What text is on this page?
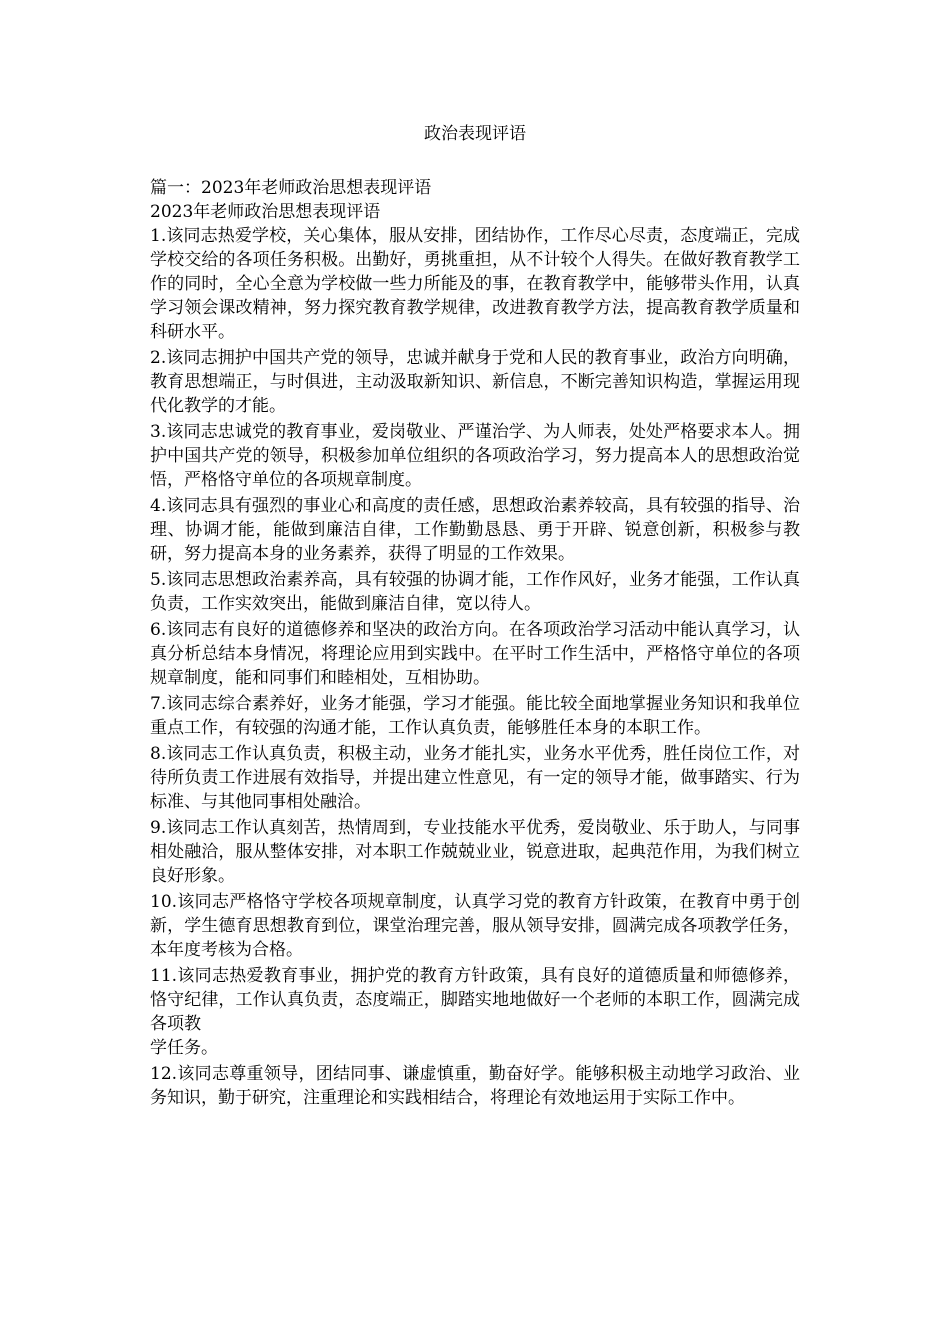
政治表现评语

篇一：2023年老师政治思想表现评语

2023年老师政治思想表现评语

1.该同志热爱学校，关心集体，服从安排，团结协作，工作尽心尽责，态度端正，完成学校交给的各项任务积极。出勤好，勇挑重担，从不计较个人得失。在做好教育教学工作的同时，全心全意为学校做一些力所能及的事，在教育教学中，能够带头作用，认真学习领会课改精神，努力探究教育教学规律，改进教育教学方法，提高教育教学质量和科研水平。

2.该同志拥护中国共产党的领导，忠诚并献身于党和人民的教育事业，政治方向明确，教育思想端正，与时俱进，主动汲取新知识、新信息，不断完善知识构造，掌握运用现代化教学的才能。

3.该同志忠诚党的教育事业，爱岗敬业、严谨治学、为人师表，处处严格要求本人。拥护中国共产党的领导，积极参加单位组织的各项政治学习，努力提高本人的思想政治觉悟，严格恪守单位的各项规章制度。

4.该同志具有强烈的事业心和高度的责任感，思想政治素养较高，具有较强的指导、治理、协调才能，能做到廉洁自律，工作勤勤恳恳、勇于开辟、锐意创新，积极参与教研，努力提高本身的业务素养，获得了明显的工作效果。

5.该同志思想政治素养高，具有较强的协调才能，工作作风好，业务才能强，工作认真负责，工作实效突出，能做到廉洁自律，宽以待人。

6.该同志有良好的道德修养和坚决的政治方向。在各项政治学习活动中能认真学习，认真分析总结本身情况，将理论应用到实践中。在平时工作生活中，严格恪守单位的各项规章制度，能和同事们和睦相处，互相协助。

7.该同志综合素养好，业务才能强，学习才能强。能比较全面地掌握业务知识和我单位重点工作，有较强的沟通才能，工作认真负责，能够胜任本身的本职工作。

8.该同志工作认真负责，积极主动，业务才能扎实，业务水平优秀，胜任岗位工作，对待所负责工作进展有效指导，并提出建立性意见，有一定的领导才能，做事踏实、行为标准、与其他同事相处融洽。

9.该同志工作认真刻苦，热情周到，专业技能水平优秀，爱岗敬业、乐于助人，与同事相处融洽，服从整体安排，对本职工作兢兢业业，锐意进取，起典范作用，为我们树立良好形象。

10.该同志严格恪守学校各项规章制度，认真学习党的教育方针政策，在教育中勇于创新，学生德育思想教育到位，课堂治理完善，服从领导安排，圆满完成各项教学任务，本年度考核为合格。

11.该同志热爱教育事业，拥护党的教育方针政策，具有良好的道德质量和师德修养，恪守纪律，工作认真负责，态度端正，脚踏实地地做好一个老师的本职工作，圆满完成各项教

学任务。

12.该同志尊重领导，团结同事、谦虚慎重，勤奋好学。能够积极主动地学习政治、业务知识，勤于研究，注重理论和实践相结合，将理论有效地运用于实际工作中。
